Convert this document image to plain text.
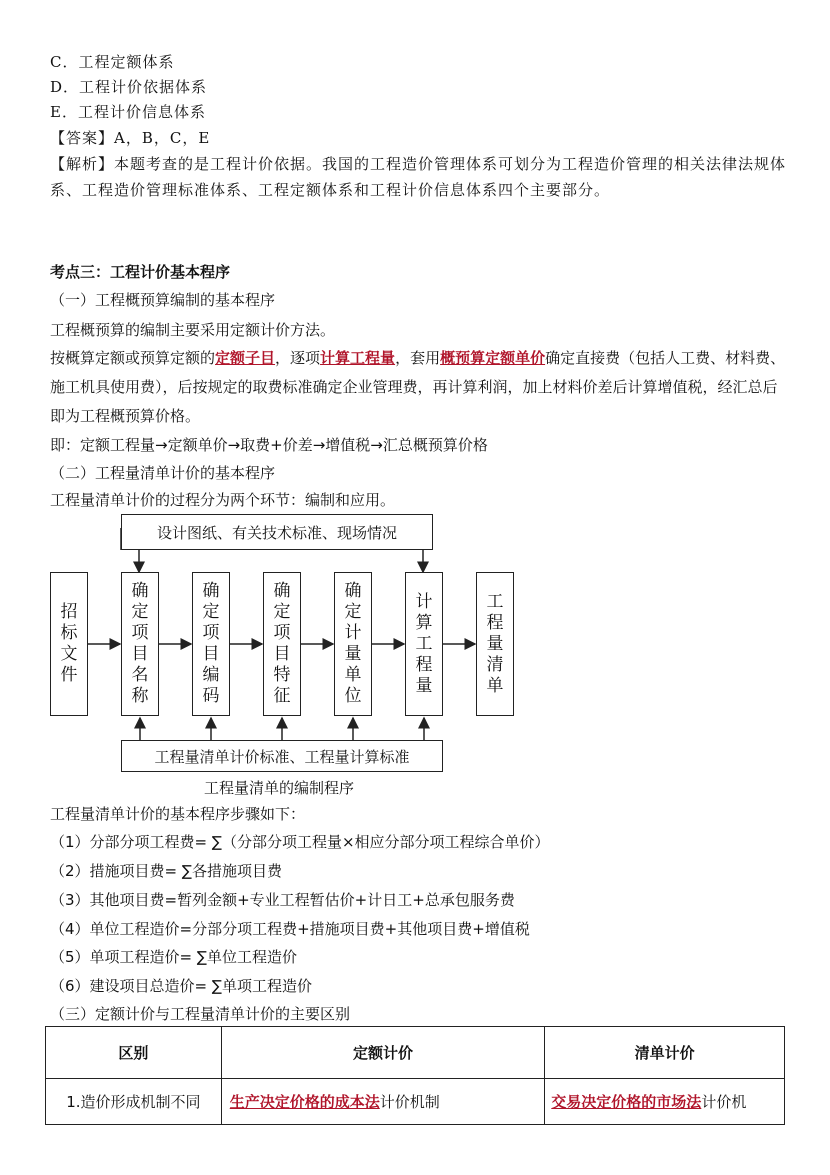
C．工程定额体系
D．工程计价依据体系
E．工程计价信息体系
【答案】A，B，C，E
【解析】本题考查的是工程计价依据。我国的工程造价管理体系可划分为工程造价管理的相关法律法规体系、工程造价管理标准体系、工程定额体系和工程计价信息体系四个主要部分。
考点三：工程计价基本程序
（一）工程概预算编制的基本程序
工程概预算的编制主要采用定额计价方法。
按概算定额或预算定额的定额子目，逐项计算工程量，套用概预算定额单价确定直接费（包括人工费、材料费、施工机具使用费），后按规定的取费标准确定企业管理费，再计算利润，加上材料价差后计算增值税，经汇总后即为工程概预算价格。
即：定额工程量→定额单价→取费+价差→增值税→汇总概预算价格
（二）工程量清单计价的基本程序
工程量清单计价的过程分为两个环节：编制和应用。
设计图纸、有关技术标准、现场情况
招
标
文
件
确
定
项
目
名
称
确
定
项
目
编
码
确
定
项
目
特
征
确
定
计
量
单
位
计
算
工
程
量
工
程
量
清
单
工程量清单计价标准、工程量计算标准
工程量清单的编制程序
工程量清单计价的基本程序步骤如下：
（1）分部分项工程费= ∑（分部分项工程量×相应分部分项工程综合单价）
（2）措施项目费= ∑各措施项目费
（3）其他项目费=暂列金额+专业工程暂估价+计日工+总承包服务费
（4）单位工程造价=分部分项工程费+措施项目费+其他项目费+增值税
（5）单项工程造价= ∑单位工程造价
（6）建设项目总造价= ∑单项工程造价
（三）定额计价与工程量清单计价的主要区别
区别	定额计价	清单计价
1.造价形成机制不同	生产决定价格的成本法计价机制	交易决定价格的市场法计价机
